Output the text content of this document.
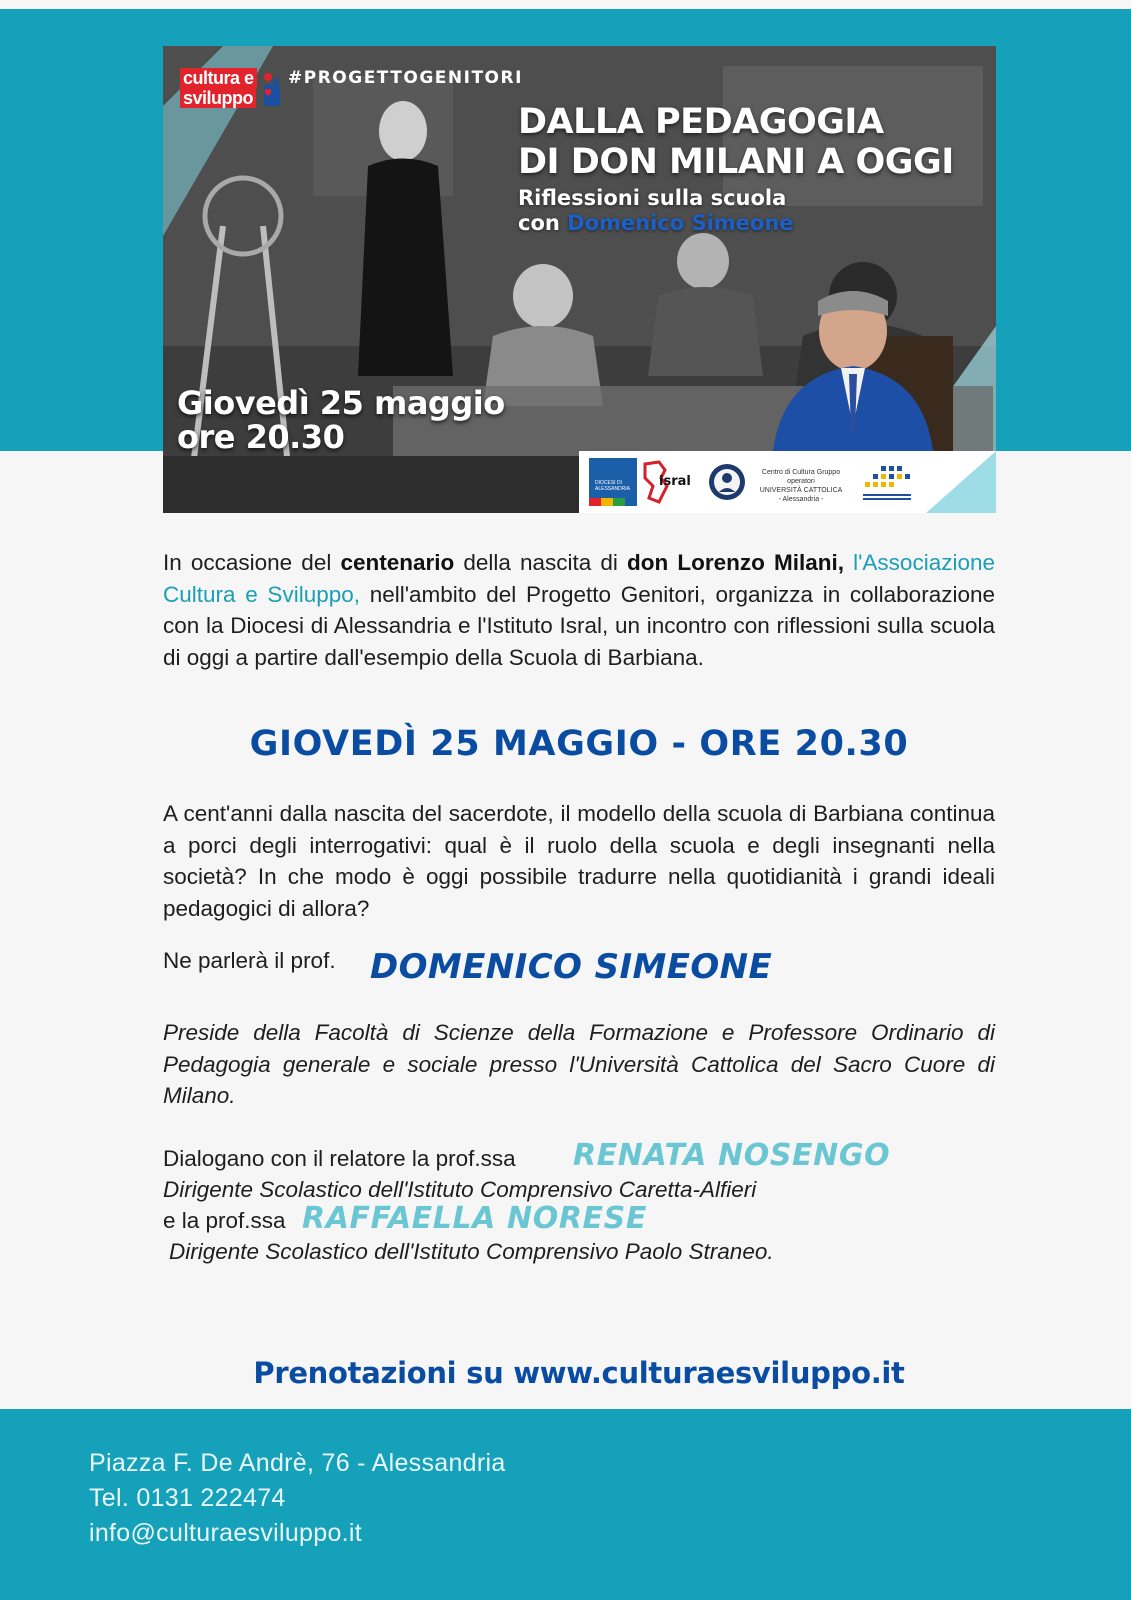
cultura e
sviluppo
#PROGETTOGENITORI
DALLA PEDAGOGIA
DI DON MILANI A OGGI
Riflessioni sulla scuola
con Domenico Simeone
Giovedì 25 maggio
ore 20.30
DIOCESI DI ALESSANDRIA	isral
Centro di Cultura Gruppo operatori
UNIVERSITÀ CATTOLICA
- Alessandria -

In occasione del centenario della nascita di don Lorenzo Milani, l'Associazione Cultura e Sviluppo, nell'ambito del Progetto Genitori, organizza in collaborazione con la Diocesi di Alessandria e l'Istituto Isral, un incontro con riflessioni sulla scuola di oggi a partire dall'esempio della Scuola di Barbiana.

GIOVEDÌ 25 MAGGIO - ORE 20.30

A cent'anni dalla nascita del sacerdote, il modello della scuola di Barbiana continua a porci degli interrogativi: qual è il ruolo della scuola e degli insegnanti nella società? In che modo è oggi possibile tradurre nella quotidianità i grandi ideali pedagogici di allora?

Ne parlerà il prof. DOMENICO SIMEONE

Preside della Facoltà di Scienze della Formazione e Professore Ordinario di Pedagogia generale e sociale presso l'Università Cattolica del Sacro Cuore di Milano.

Dialogano con il relatore la prof.ssa RENATA NOSENGO
Dirigente Scolastico dell'Istituto Comprensivo Caretta-Alfieri
e la prof.ssa RAFFAELLA NORESE
Dirigente Scolastico dell'Istituto Comprensivo Paolo Straneo.
Prenotazioni su www.culturaesviluppo.it
Piazza F. De Andrè, 76 - Alessandria
Tel. 0131 222474
info@culturaesviluppo.it
